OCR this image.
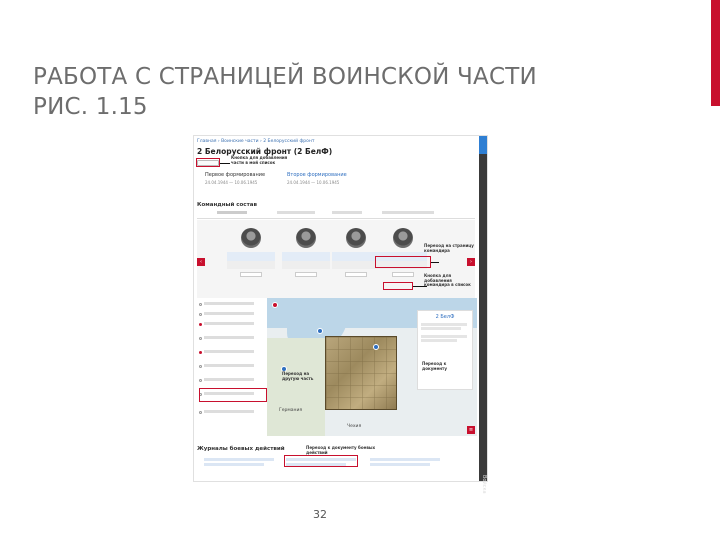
РАБОТА С СТРАНИЦЕЙ ВОИНСКОЙ ЧАСТИ
РИС. 1.15
Войска
Главная › Воинские части › 2 Белорусский фронт
2 Белорусский фронт (2 БелФ)
Кнопка для добавления части в мой список
Первое формирование
24.04.1944 — 10.06.1945
Второе формирование
24.04.1944 — 10.06.1945
Командный состав
‹	›
Переход на страницу командира
Кнопка для добавления командира в список
Германия
Чехия
2 БелФ
≡
Переход на другую часть
Переход к документу
Журналы боевых действий	Переход к документу боевых действий
32
